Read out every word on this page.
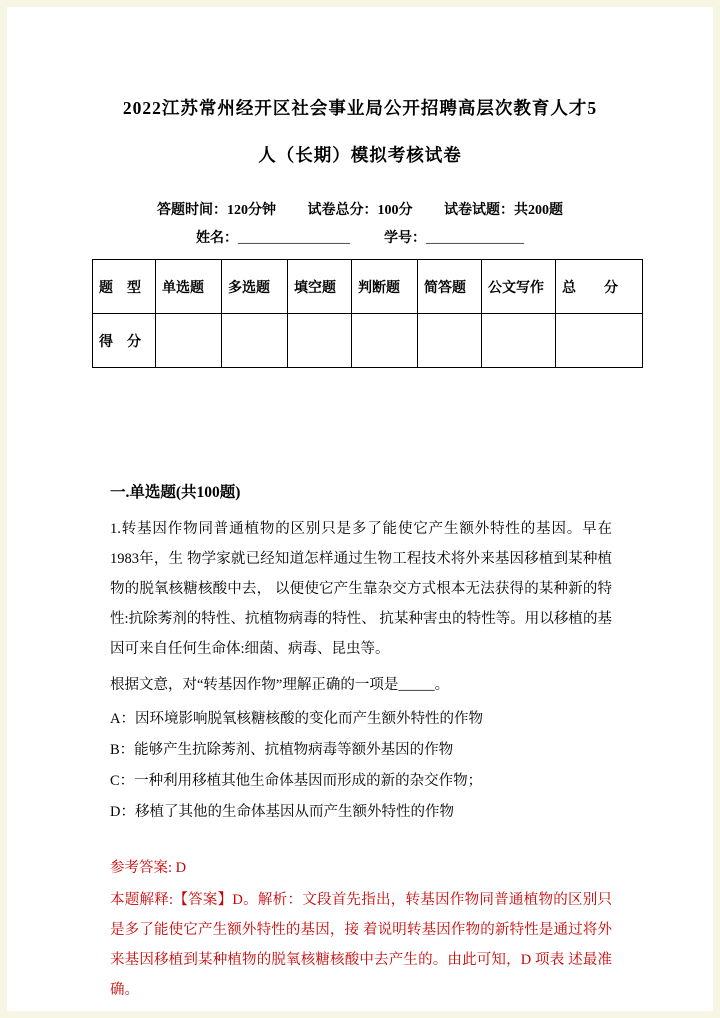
2022江苏常州经开区社会事业局公开招聘高层次教育人才5人（长期）模拟考核试卷
答题时间：120分钟 试卷总分：100分 试卷试题：共200题
姓名：________________ 学号：______________
题　型	单选题	多选题	填空题	判断题	简答题	公文写作	总　　分
得　分							
一.单选题(共100题)
1.转基因作物同普通植物的区别只是多了能使它产生额外特性的基因。早在1983年，生 物学家就已经知道怎样通过生物工程技术将外来基因移植到某种植物的脱氧核糖核酸中去， 以便使它产生靠杂交方式根本无法获得的某种新的特性:抗除莠剂的特性、抗植物病毒的特性、 抗某种害虫的特性等。用以移植的基因可来自任何生命体:细菌、病毒、昆虫等。
根据文意，对“转基因作物”理解正确的一项是_____。
A：因环境影响脱氧核糖核酸的变化而产生额外特性的作物
B：能够产生抗除莠剂、抗植物病毒等额外基因的作物
C：一种利用移植其他生命体基因而形成的新的杂交作物；
D：移植了其他的生命体基因从而产生额外特性的作物
参考答案: D
本题解释:【答案】D。解析：文段首先指出，转基因作物同普通植物的区别只是多了能使它产生额外特性的基因，接 着说明转基因作物的新特性是通过将外来基因移植到某种植物的脱氧核糖核酸中去产生的。由此可知，D 项表 述最准确。
